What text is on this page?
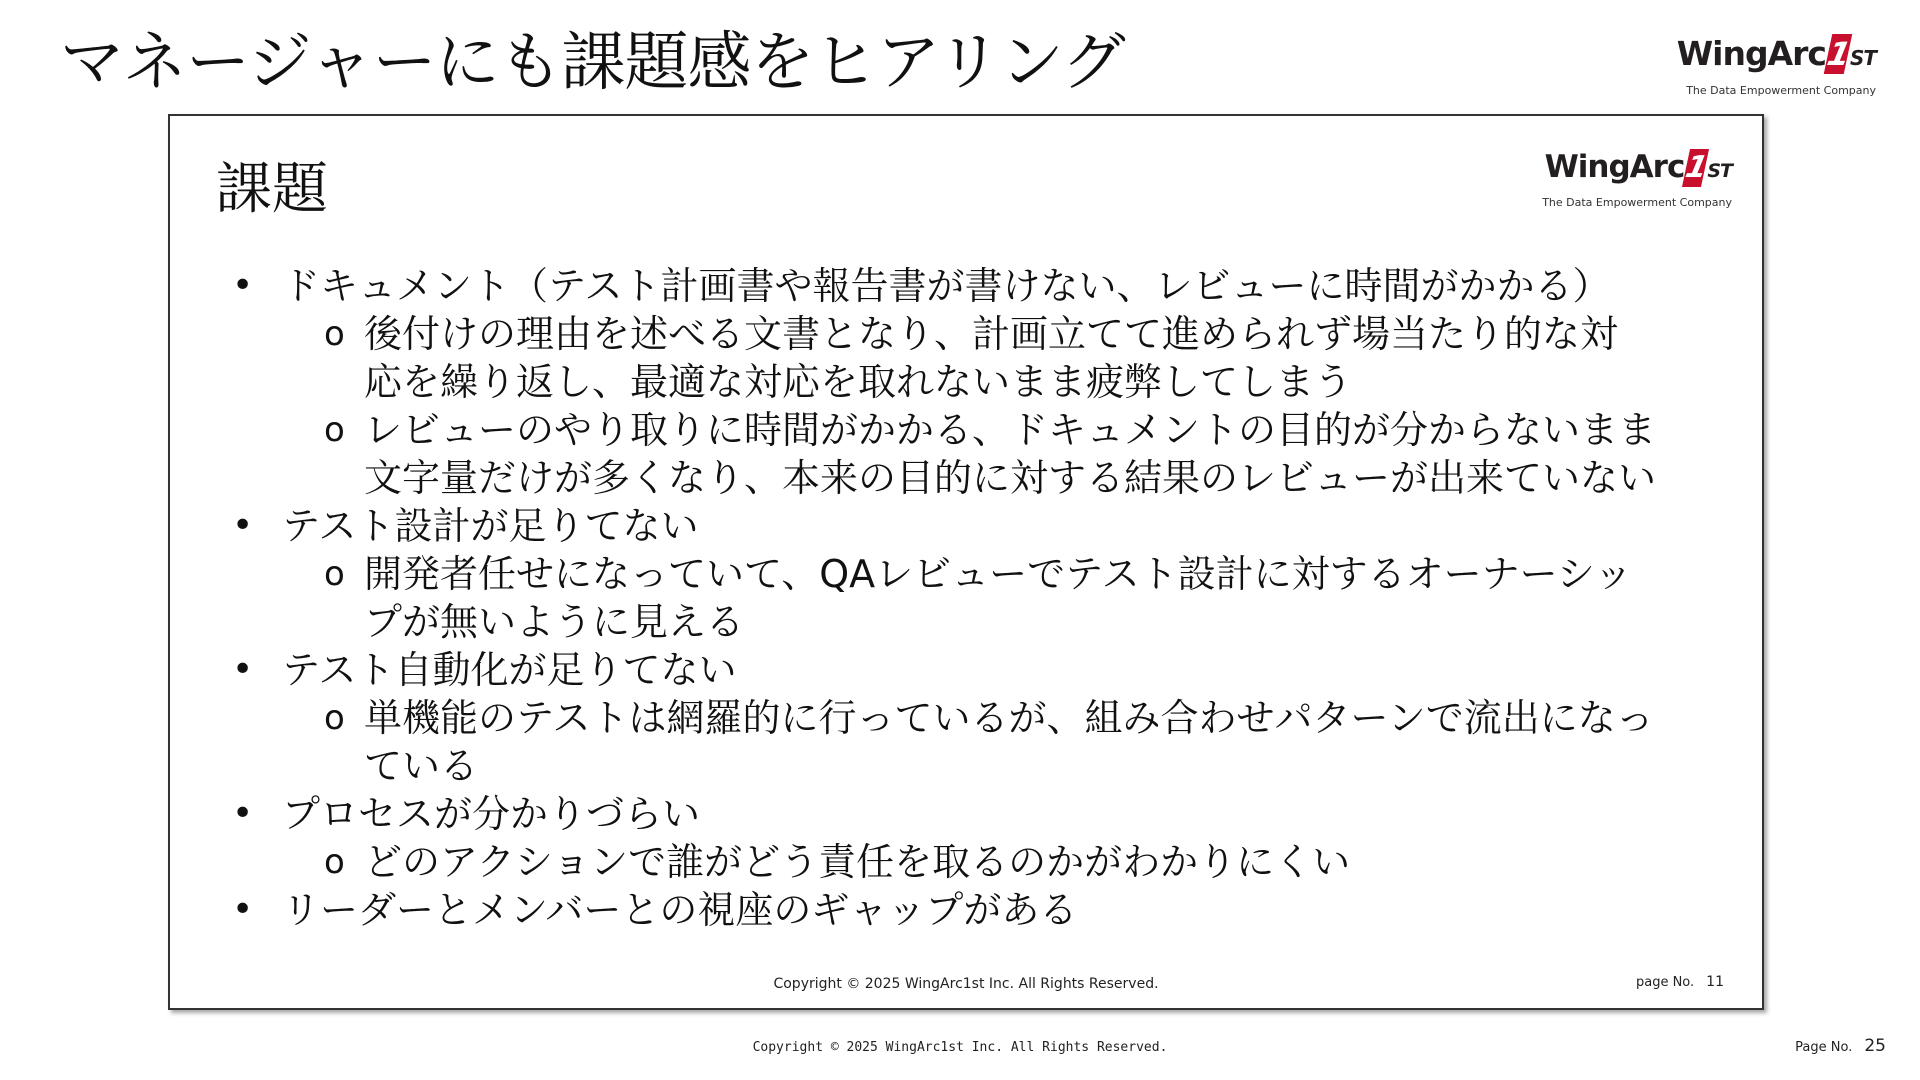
マネージャーにも課題感をヒアリング	WingArc1ST
The Data Empowerment Company
課題	WingArc1ST
The Data Empowerment Company
• ドキュメント（テスト計画書や報告書が書けない、レビューに時間がかかる）
o 後付けの理由を述べる文書となり、計画立てて進められず場当たり的な対
応を繰り返し、最適な対応を取れないまま疲弊してしまう
o レビューのやり取りに時間がかかる、ドキュメントの目的が分からないまま
文字量だけが多くなり、本来の目的に対する結果のレビューが出来ていない
• テスト設計が足りてない
o 開発者任せになっていて、QAレビューでテスト設計に対するオーナーシッ
プが無いように見える
• テスト自動化が足りてない
o 単機能のテストは網羅的に行っているが、組み合わせパターンで流出になっ
ている
• プロセスが分かりづらい
o どのアクションで誰がどう責任を取るのかがわかりにくい
• リーダーとメンバーとの視座のギャップがある
Copyright © 2025 WingArc1st Inc. All Rights Reserved.	page No. 11
Copyright © 2025 WingArc1st Inc. All Rights Reserved.	Page No. 25
